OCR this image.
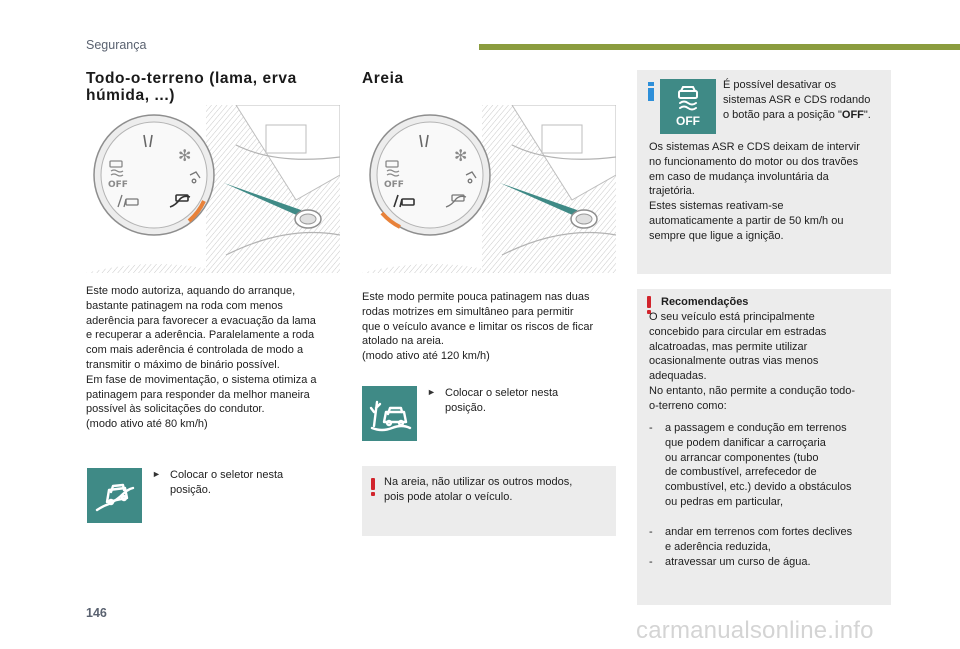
Segurança
Todo-o-terreno (lama, erva
húmida, ...)
✻
OFF
Este modo autoriza, aquando do arranque,
bastante patinagem na roda com menos
aderência para favorecer a evacuação da lama
e recuperar a aderência. Paralelamente a roda
com mais aderência é controlada de modo a
transmitir o máximo de binário possível.
Em fase de movimentação, o sistema otimiza a
patinagem para responder da melhor maneira
possível às solicitações do condutor.
(modo ativo até 80 km/h)
► Colocar o seletor nesta
posição.
Areia
✻
OFF
Este modo permite pouca patinagem nas duas
rodas motrizes em simultâneo para permitir
que o veículo avance e limitar os riscos de ficar
atolado na areia.
(modo ativo até 120 km/h)
► Colocar o seletor nesta
posição.
Na areia, não utilizar os outros modos,
pois pode atolar o veículo.
OFF
É possível desativar os
sistemas ASR e CDS rodando
o botão para a posição "OFF".
Os sistemas ASR e CDS deixam de intervir
no funcionamento do motor ou dos travões
em caso de mudança involuntária da
trajetória.
Estes sistemas reativam-se
automaticamente a partir de 50 km/h ou
sempre que ligue a ignição.
Recomendações
O seu veículo está principalmente
concebido para circular em estradas
alcatroadas, mas permite utilizar
ocasionalmente outras vias menos
adequadas.
No entanto, não permite a condução todo-
o-terreno como:
- a passagem e condução em terrenos
que podem danificar a carroçaria
ou arrancar componentes (tubo
de combustível, arrefecedor de
combustível, etc.) devido a obstáculos
ou pedras em particular,
- andar em terrenos com fortes declives
e aderência reduzida,
- atravessar um curso de água.
146
carmanualsonline.info
